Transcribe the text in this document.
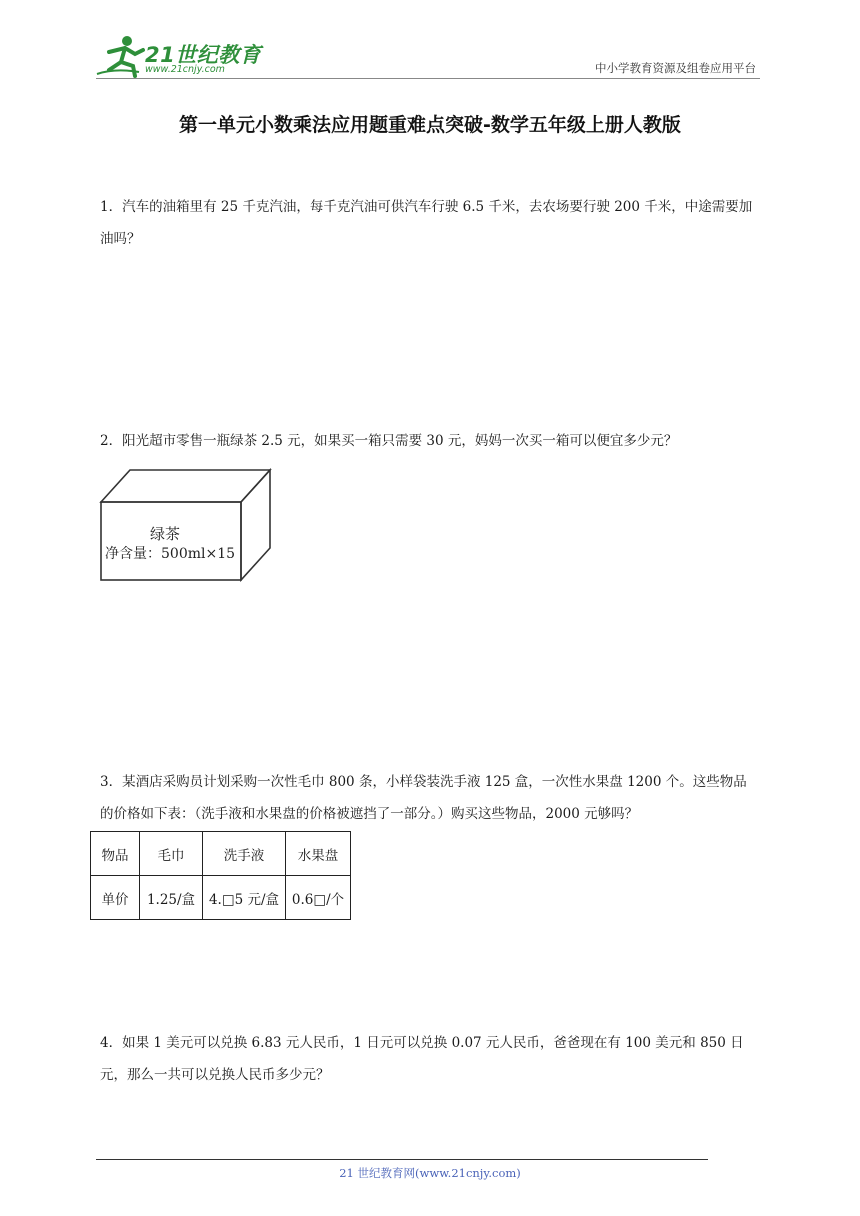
21世纪教育
www.21cnjy.com	中小学教育资源及组卷应用平台
第一单元小数乘法应用题重难点突破-数学五年级上册人教版

1．汽车的油箱里有 25 千克汽油，每千克汽油可供汽车行驶 6.5 千米，去农场要行驶 200 千米，中途需要加油吗？

2．阳光超市零售一瓶绿茶 2.5 元，如果买一箱只需要 30 元，妈妈一次买一箱可以便宜多少元？

绿茶
净含量：500ml×15

3．某酒店采购员计划采购一次性毛巾 800 条，小样袋装洗手液 125 盒，一次性水果盘 1200 个。这些物品的价格如下表：（洗手液和水果盘的价格被遮挡了一部分。）购买这些物品，2000 元够吗？

物品	毛巾	洗手液	水果盘
单价	1.25/盒	4.□5 元/盒	0.6□/个

4．如果 1 美元可以兑换 6.83 元人民币，1 日元可以兑换 0.07 元人民币，爸爸现在有 100 美元和 850 日元，那么一共可以兑换人民币多少元？

21 世纪教育网(www.21cnjy.com)
